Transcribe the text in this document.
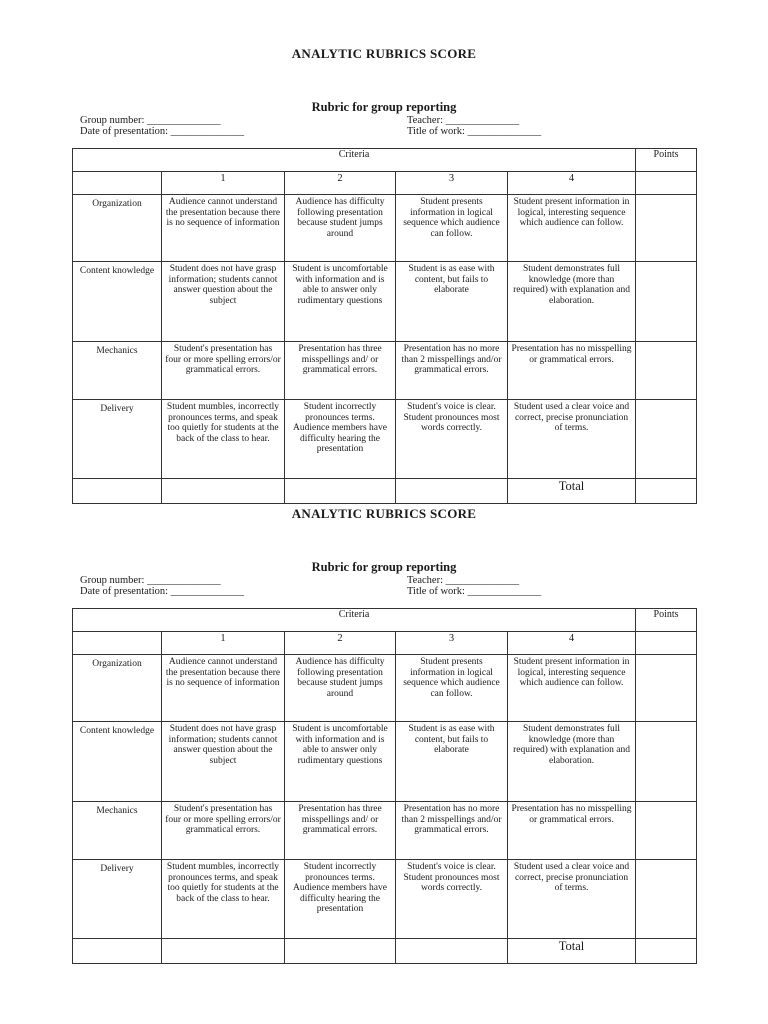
ANALYTIC RUBRICS SCORE
Rubric for group reporting
Group number: ______________	Teacher: ______________
Date of presentation: ______________	Title of work: ______________
Criteria					Points
	1	2	3	4	
Organization	Audience cannot understand the presentation because there is no sequence of information	Audience has difficulty following presentation because student jumps around	Student presents information in logical sequence which audience can follow.	Student present information in logical, interesting sequence which audience can follow.	
Content knowledge	Student does not have grasp information; students cannot answer question about the subject	Student is uncomfortable with information and is able to answer only rudimentary questions	Student is as ease with content, but fails to elaborate	Student demonstrates full knowledge (more than required) with explanation and elaboration.	
Mechanics	Student's presentation has four or more spelling errors/or grammatical errors.	Presentation has three misspellings and/ or grammatical errors.	Presentation has no more than 2 misspellings and/or grammatical errors.	Presentation has no misspelling or grammatical errors.	
Delivery	Student mumbles, incorrectly pronounces terms, and speak too quietly for students at the back of the class to hear.	Student incorrectly pronounces terms. Audience members have difficulty hearing the presentation	Student's voice is clear. Student pronounces most words correctly.	Student used a clear voice and correct, precise pronunciation of terms.	
				Total	
ANALYTIC RUBRICS SCORE
Rubric for group reporting
Group number: ______________	Teacher: ______________
Date of presentation: ______________	Title of work: ______________
Criteria					Points
	1	2	3	4	
Organization	Audience cannot understand the presentation because there is no sequence of information	Audience has difficulty following presentation because student jumps around	Student presents information in logical sequence which audience can follow.	Student present information in logical, interesting sequence which audience can follow.	
Content knowledge	Student does not have grasp information; students cannot answer question about the subject	Student is uncomfortable with information and is able to answer only rudimentary questions	Student is as ease with content, but fails to elaborate	Student demonstrates full knowledge (more than required) with explanation and elaboration.	
Mechanics	Student's presentation has four or more spelling errors/or grammatical errors.	Presentation has three misspellings and/ or grammatical errors.	Presentation has no more than 2 misspellings and/or grammatical errors.	Presentation has no misspelling or grammatical errors.	
Delivery	Student mumbles, incorrectly pronounces terms, and speak too quietly for students at the back of the class to hear.	Student incorrectly pronounces terms. Audience members have difficulty hearing the presentation	Student's voice is clear. Student pronounces most words correctly.	Student used a clear voice and correct, precise pronunciation of terms.	
				Total	
